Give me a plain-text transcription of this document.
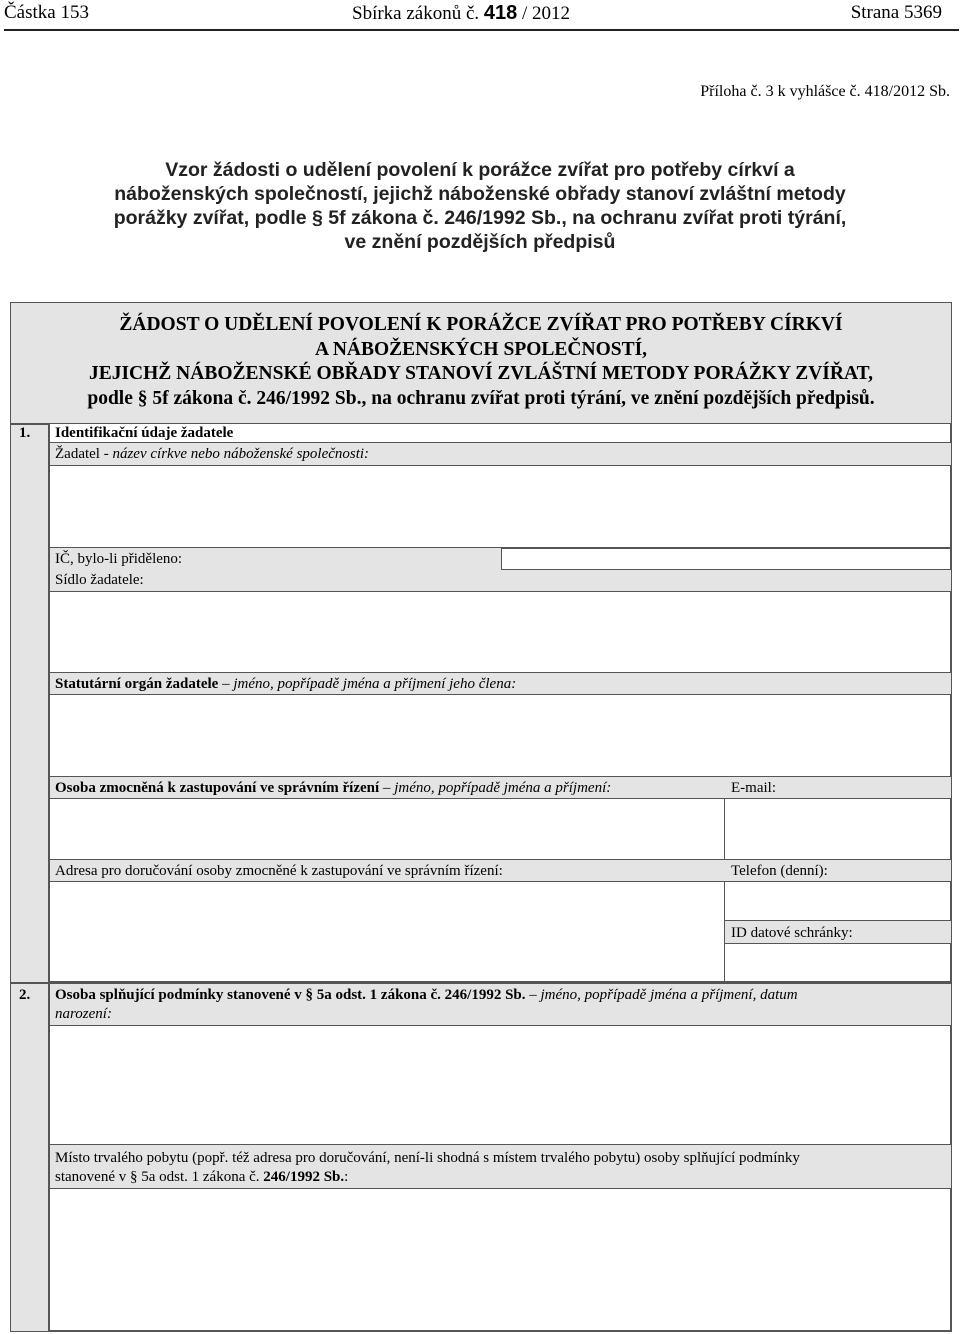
Částka 153	Sbírka zákonů č. 418 / 2012	Strana 5369
Příloha č. 3 k vyhlášce č. 418/2012 Sb.
Vzor žádosti o udělení povolení k porážce zvířat pro potřeby církví a náboženských společností, jejichž náboženské obřady stanoví zvláštní metody porážky zvířat, podle § 5f zákona č. 246/1992 Sb., na ochranu zvířat proti týrání, ve znění pozdějších předpisů
ŽÁDOST O UDĚLENÍ POVOLENÍ K PORÁŽCE ZVÍŘAT PRO POTŘEBY CÍRKVÍ
A NÁBOŽENSKÝCH SPOLEČNOSTÍ,
JEJICHŽ NÁBOŽENSKÉ OBŘADY STANOVÍ ZVLÁŠTNÍ METODY PORÁŽKY ZVÍŘAT,
podle § 5f zákona č. 246/1992 Sb., na ochranu zvířat proti týrání, ve znění pozdějších předpisů.
1. Identifikační údaje žadatele
Žadatel - název církve nebo náboženské společnosti:
IČ, bylo-li přiděleno:
Sídlo žadatele:
Statutární orgán žadatele – jméno, popřípadě jména a příjmení jeho člena:
Osoba zmocněná k zastupování ve správním řízení – jméno, popřípadě jména a příjmení:	E-mail:
Adresa pro doručování osoby zmocněné k zastupování ve správním řízení:	Telefon (denní):
ID datové schránky:
2. Osoba splňující podmínky stanovené v § 5a odst. 1 zákona č. 246/1992 Sb. – jméno, popřípadě jména a příjmení, datum
narození:
Místo trvalého pobytu (popř. též adresa pro doručování, není-li shodná s místem trvalého pobytu) osoby splňující podmínky
stanovené v § 5a odst. 1 zákona č. 246/1992 Sb.:
